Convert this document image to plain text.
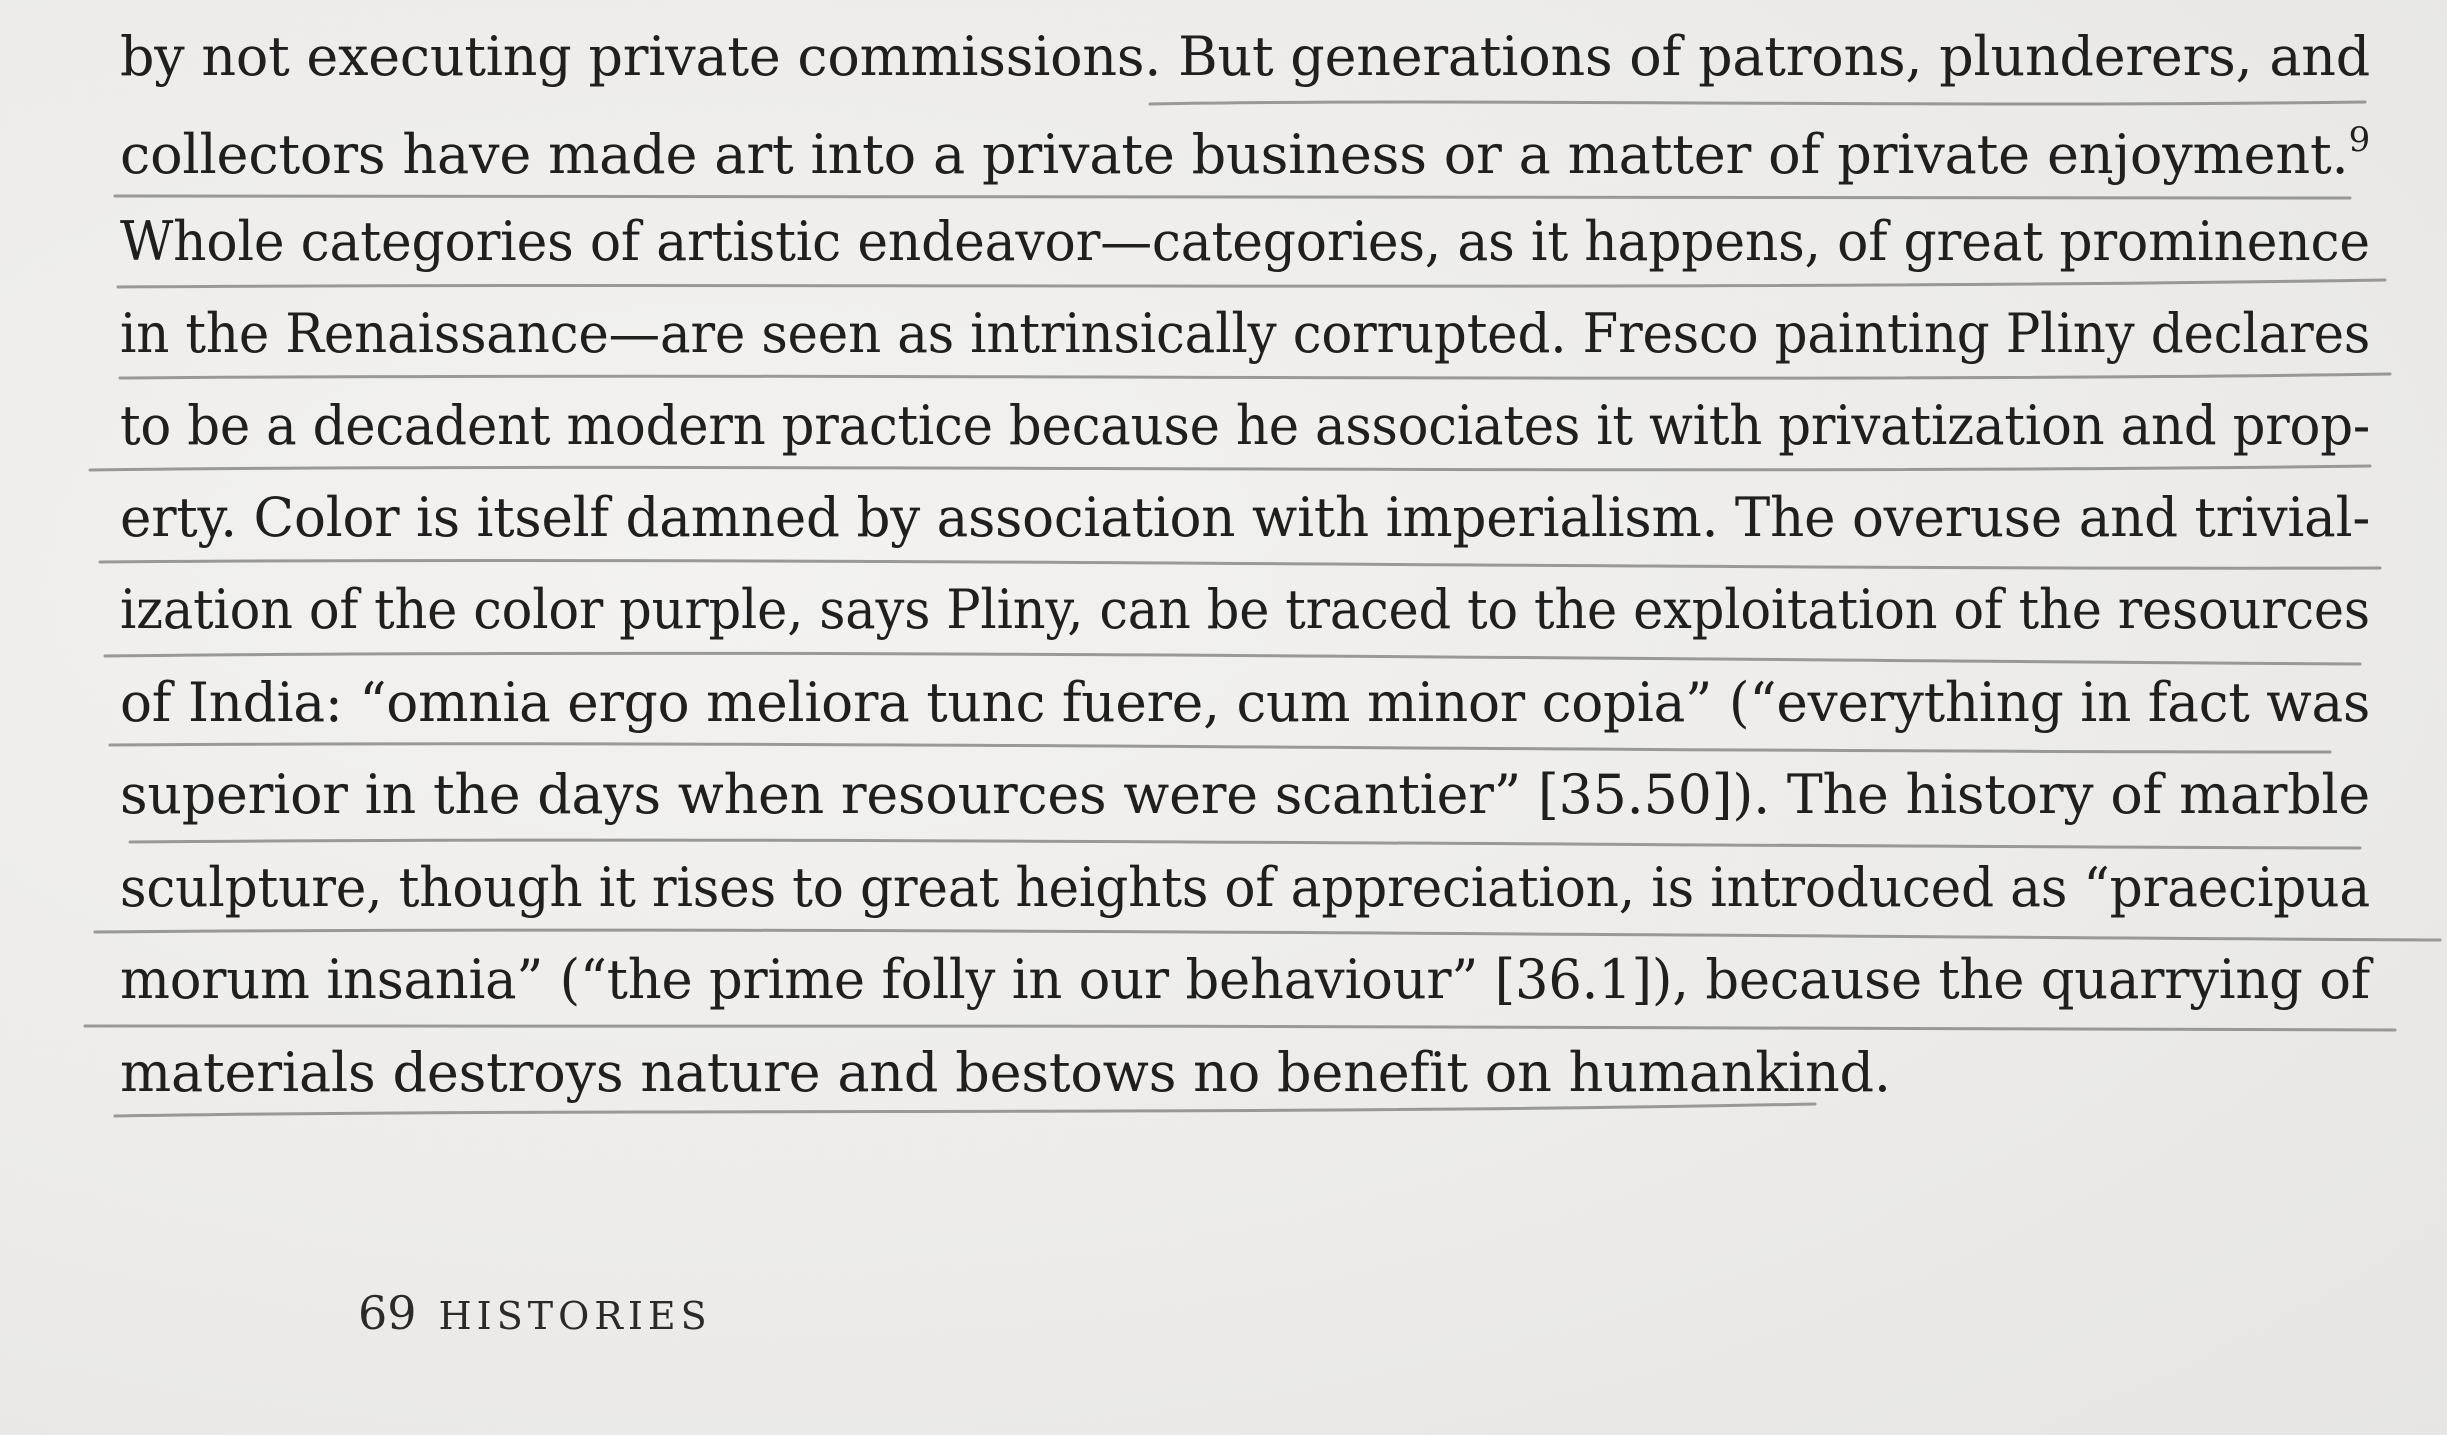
by not executing private commissions. But generations of patrons, plunderers, and
collectors have made art into a private business or a matter of private enjoyment.$^9$
Whole categories of artistic endeavor—categories, as it happens, of great prominence
in the Renaissance—are seen as intrinsically corrupted. Fresco painting Pliny declares
to be a decadent modern practice because he associates it with privatization and prop-
erty. Color is itself damned by association with imperialism. The overuse and trivial-
ization of the color purple, says Pliny, can be traced to the exploitation of the resources
of India: “omnia ergo meliora tunc fuere, cum minor copia” (“everything in fact was
superior in the days when resources were scantier” [35.50]). The history of marble
sculpture, though it rises to great heights of appreciation, is introduced as “praecipua
morum insania” (“the prime folly in our behaviour” [36.1]), because the quarrying of
materials destroys nature and bestows no benefit on humankind.
69 HISTORIES
